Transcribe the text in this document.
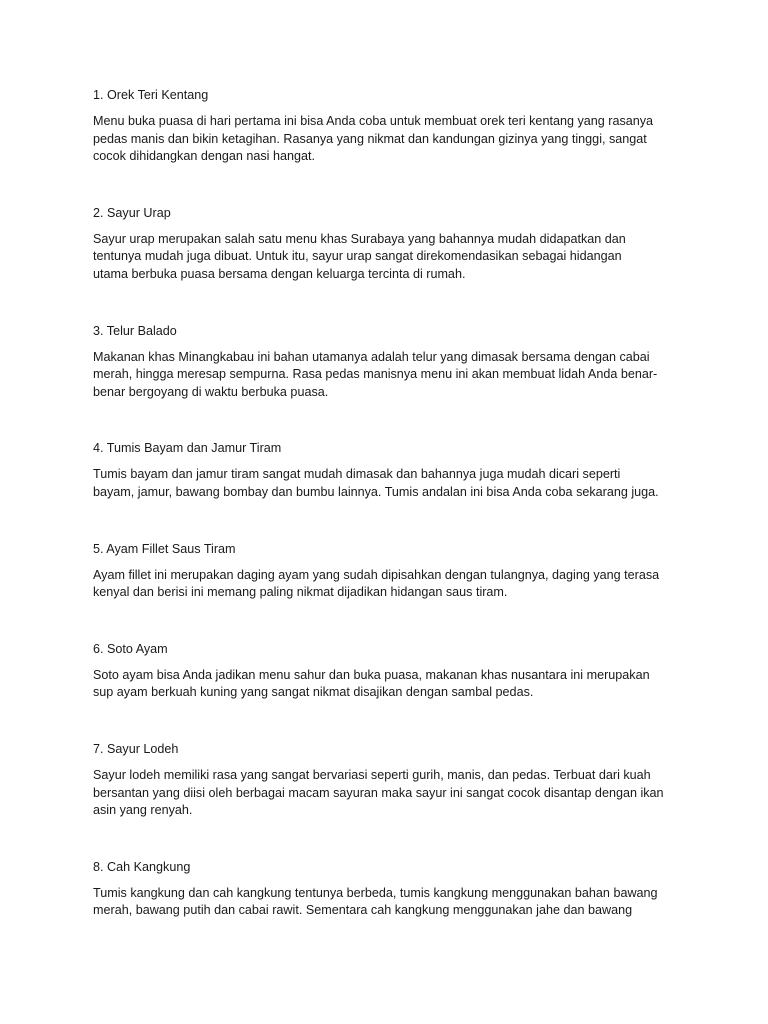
1. Orek Teri Kentang
Menu buka puasa di hari pertama ini bisa Anda coba untuk membuat orek teri kentang yang rasanya
pedas manis dan bikin ketagihan. Rasanya yang nikmat dan kandungan gizinya yang tinggi, sangat
cocok dihidangkan dengan nasi hangat.
2. Sayur Urap
Sayur urap merupakan salah satu menu khas Surabaya yang bahannya mudah didapatkan dan
tentunya mudah juga dibuat. Untuk itu, sayur urap sangat direkomendasikan sebagai hidangan
utama berbuka puasa bersama dengan keluarga tercinta di rumah.
3. Telur Balado
Makanan khas Minangkabau ini bahan utamanya adalah telur yang dimasak bersama dengan cabai
merah, hingga meresap sempurna. Rasa pedas manisnya menu ini akan membuat lidah Anda benar-
benar bergoyang di waktu berbuka puasa.
4. Tumis Bayam dan Jamur Tiram
Tumis bayam dan jamur tiram sangat mudah dimasak dan bahannya juga mudah dicari seperti
bayam, jamur, bawang bombay dan bumbu lainnya. Tumis andalan ini bisa Anda coba sekarang juga.
5. Ayam Fillet Saus Tiram
Ayam fillet ini merupakan daging ayam yang sudah dipisahkan dengan tulangnya, daging yang terasa
kenyal dan berisi ini memang paling nikmat dijadikan hidangan saus tiram.
6. Soto Ayam
Soto ayam bisa Anda jadikan menu sahur dan buka puasa, makanan khas nusantara ini merupakan
sup ayam berkuah kuning yang sangat nikmat disajikan dengan sambal pedas.
7. Sayur Lodeh
Sayur lodeh memiliki rasa yang sangat bervariasi seperti gurih, manis, dan pedas. Terbuat dari kuah
bersantan yang diisi oleh berbagai macam sayuran maka sayur ini sangat cocok disantap dengan ikan
asin yang renyah.
8. Cah Kangkung
Tumis kangkung dan cah kangkung tentunya berbeda, tumis kangkung menggunakan bahan bawang
merah, bawang putih dan cabai rawit. Sementara cah kangkung menggunakan jahe dan bawang
